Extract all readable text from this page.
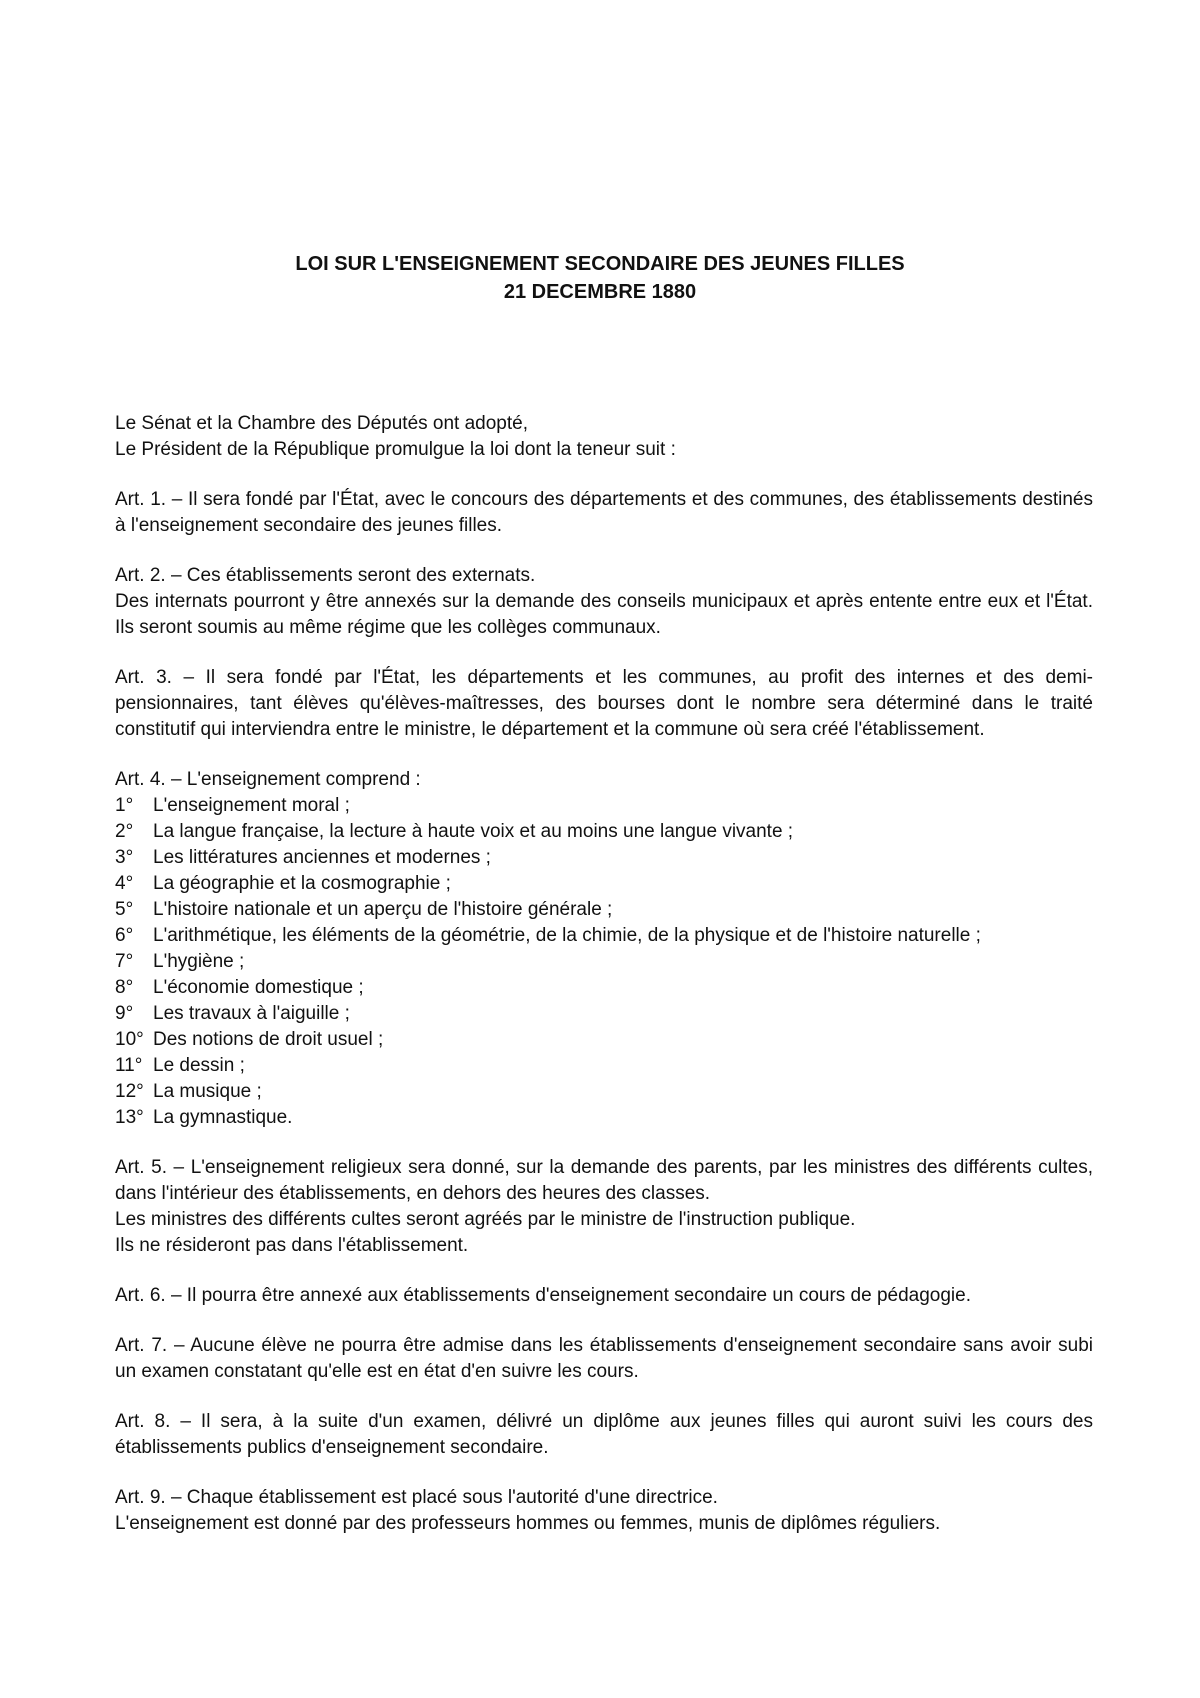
LOI SUR L'ENSEIGNEMENT SECONDAIRE DES JEUNES FILLES
21 DECEMBRE 1880

Le Sénat et la Chambre des Députés ont adopté,
Le Président de la République promulgue la loi dont la teneur suit :

Art. 1. – Il sera fondé par l'État, avec le concours des départements et des communes, des établissements destinés à l'enseignement secondaire des jeunes filles.

Art. 2. – Ces établissements seront des externats.
Des internats pourront y être annexés sur la demande des conseils municipaux et après entente entre eux et l'État. Ils seront soumis au même régime que les collèges communaux.

Art. 3. – Il sera fondé par l'État, les départements et les communes, au profit des internes et des demi-pensionnaires, tant élèves qu'élèves-maîtresses, des bourses dont le nombre sera déterminé dans le traité constitutif qui interviendra entre le ministre, le département et la commune où sera créé l'établissement.

Art. 4. – L'enseignement comprend :

1°	L'enseignement moral ;
2°	La langue française, la lecture à haute voix et au moins une langue vivante ;
3°	Les littératures anciennes et modernes ;
4°	La géographie et la cosmographie ;
5°	L'histoire nationale et un aperçu de l'histoire générale ;
6°	L'arithmétique, les éléments de la géométrie, de la chimie, de la physique et de l'histoire naturelle ;
7°	L'hygiène ;
8°	L'économie domestique ;
9°	Les travaux à l'aiguille ;
10° Des notions de droit usuel ;
11° Le dessin ;
12° La musique ;
13° La gymnastique.

Art. 5. – L'enseignement religieux sera donné, sur la demande des parents, par les ministres des différents cultes, dans l'intérieur des établissements, en dehors des heures des classes.
Les ministres des différents cultes seront agréés par le ministre de l'instruction publique.
Ils ne résideront pas dans l'établissement.

Art. 6. – Il pourra être annexé aux établissements d'enseignement secondaire un cours de pédagogie.

Art. 7. – Aucune élève ne pourra être admise dans les établissements d'enseignement secondaire sans avoir subi un examen constatant qu'elle est en état d'en suivre les cours.

Art. 8. – Il sera, à la suite d'un examen, délivré un diplôme aux jeunes filles qui auront suivi les cours des établissements publics d'enseignement secondaire.

Art. 9. – Chaque établissement est placé sous l'autorité d'une directrice.
L'enseignement est donné par des professeurs hommes ou femmes, munis de diplômes réguliers.
